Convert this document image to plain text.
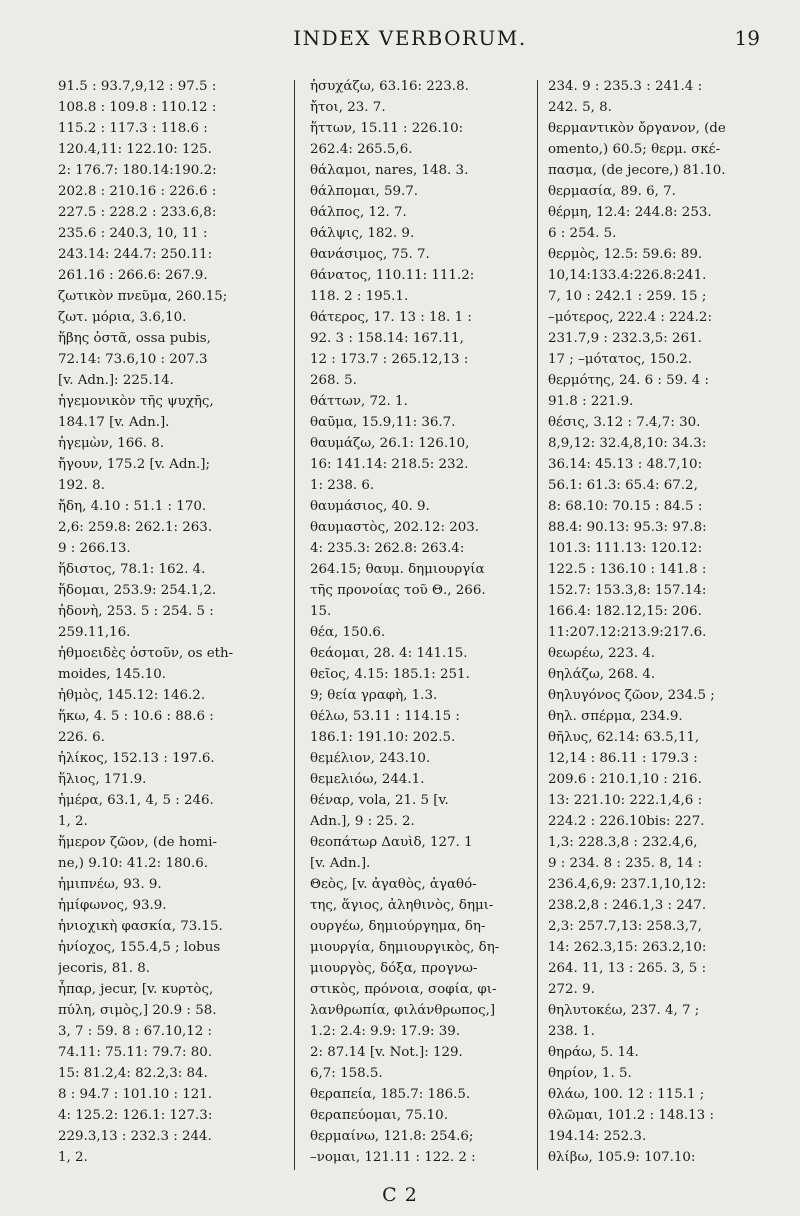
INDEX VERBORUM.	19
91.5 : 93.7,9,12 : 97.5 :
108.8 : 109.8 : 110.12 :
115.2 : 117.3 : 118.6 :
120.4,11: 122.10: 125.
2: 176.7: 180.14:190.2:
202.8 : 210.16 : 226.6 :
227.5 : 228.2 : 233.6,8:
235.6 : 240.3, 10, 11 :
243.14: 244.7: 250.11:
261.16 : 266.6: 267.9.
ζωτικὸν πνεῦμα, 260.15;
ζωτ. μόρια, 3.6,10.
ἥβης ὀστᾶ, ossa pubis,
72.14: 73.6,10 : 207.3
[v. Adn.]: 225.14.
ἡγεμονικὸν τῆς ψυχῆς,
184.17 [v. Adn.].
ἡγεμὼν, 166. 8.
ἤγουν, 175.2 [v. Adn.];
192. 8.
ἤδη, 4.10 : 51.1 : 170.
2,6: 259.8: 262.1: 263.
9 : 266.13.
ἥδιστος, 78.1: 162. 4.
ἥδομαι, 253.9: 254.1,2.
ἡδονὴ, 253. 5 : 254. 5 :
259.11,16.
ἠθμοειδὲς ὀστοῦν, os eth-
moides, 145.10.
ἠθμὸς, 145.12: 146.2.
ἥκω, 4. 5 : 10.6 : 88.6 :
226. 6.
ἡλίκος, 152.13 : 197.6.
ἥλιος, 171.9.
ἡμέρα, 63.1, 4, 5 : 246.
1, 2.
ἥμερον ζῶον, (de homi-
ne,) 9.10: 41.2: 180.6.
ἡμιπνέω, 93. 9.
ἡμίφωνος, 93.9.
ἡνιοχικὴ φασκία, 73.15.
ἡνίοχος, 155.4,5 ; lobus
jecoris, 81. 8.
ἧπαρ, jecur, [v. κυρτὸς,
πύλη, σιμὸς,] 20.9 : 58.
3, 7 : 59. 8 : 67.10,12 :
74.11: 75.11: 79.7: 80.
15: 81.2,4: 82.2,3: 84.
8 : 94.7 : 101.10 : 121.
4: 125.2: 126.1: 127.3:
229.3,13 : 232.3 : 244.
1, 2.
ἡσυχάζω, 63.16: 223.8.
ἤτοι, 23. 7.
ἥττων, 15.11 : 226.10:
262.4: 265.5,6.
θάλαμοι, nares, 148. 3.
θάλπομαι, 59.7.
θάλπος, 12. 7.
θάλψις, 182. 9.
θανάσιμος, 75. 7.
θάνατος, 110.11: 111.2:
118. 2 : 195.1.
θάτερος, 17. 13 : 18. 1 :
92. 3 : 158.14: 167.11,
12 : 173.7 : 265.12,13 :
268. 5.
θάττων, 72. 1.
θαῦμα, 15.9,11: 36.7.
θαυμάζω, 26.1: 126.10,
16: 141.14: 218.5: 232.
1: 238. 6.
θαυμάσιος, 40. 9.
θαυμαστὸς, 202.12: 203.
4: 235.3: 262.8: 263.4:
264.15; θαυμ. δημιουργία
τῆς προνοίας τοῦ Θ., 266.
15.
θέα, 150.6.
θεάομαι, 28. 4: 141.15.
θεῖος, 4.15: 185.1: 251.
9; θεία γραφὴ, 1.3.
θέλω, 53.11 : 114.15 :
186.1: 191.10: 202.5.
θεμέλιον, 243.10.
θεμελιόω, 244.1.
θέναρ, vola, 21. 5 [v.
Adn.], 9 : 25. 2.
θεοπάτωρ Δαυὶδ, 127. 1
[v. Adn.].
Θεὸς, [v. ἀγαθὸς, ἀγαθό-
της, ἅγιος, ἀληθινὸς, δημι-
ουργέω, δημιούργημα, δη-
μιουργία, δημιουργικὸς, δη-
μιουργὸς, δόξα, προγνω-
στικὸς, πρόνοια, σοφία, φι-
λανθρωπία, φιλάνθρωπος,]
1.2: 2.4: 9.9: 17.9: 39.
2: 87.14 [v. Not.]: 129.
6,7: 158.5.
θεραπεία, 185.7: 186.5.
θεραπεύομαι, 75.10.
θερμαίνω, 121.8: 254.6;
–νομαι, 121.11 : 122. 2 :
234. 9 : 235.3 : 241.4 :
242. 5, 8.
θερμαντικὸν ὄργανον, (de
omento,) 60.5; θερμ. σκέ-
πασμα, (de jecore,) 81.10.
θερμασία, 89. 6, 7.
θέρμη, 12.4: 244.8: 253.
6 : 254. 5.
θερμὸς, 12.5: 59.6: 89.
10,14:133.4:226.8:241.
7, 10 : 242.1 : 259. 15 ;
–μότερος, 222.4 : 224.2:
231.7,9 : 232.3,5: 261.
17 ; –μότατος, 150.2.
θερμότης, 24. 6 : 59. 4 :
91.8 : 221.9.
θέσις, 3.12 : 7.4,7: 30.
8,9,12: 32.4,8,10: 34.3:
36.14: 45.13 : 48.7,10:
56.1: 61.3: 65.4: 67.2,
8: 68.10: 70.15 : 84.5 :
88.4: 90.13: 95.3: 97.8:
101.3: 111.13: 120.12:
122.5 : 136.10 : 141.8 :
152.7: 153.3,8: 157.14:
166.4: 182.12,15: 206.
11:207.12:213.9:217.6.
θεωρέω, 223. 4.
θηλάζω, 268. 4.
θηλυγόνος ζῶον, 234.5 ;
θηλ. σπέρμα, 234.9.
θῆλυς, 62.14: 63.5,11,
12,14 : 86.11 : 179.3 :
209.6 : 210.1,10 : 216.
13: 221.10: 222.1,4,6 :
224.2 : 226.10bis: 227.
1,3: 228.3,8 : 232.4,6,
9 : 234. 8 : 235. 8, 14 :
236.4,6,9: 237.1,10,12:
238.2,8 : 246.1,3 : 247.
2,3: 257.7,13: 258.3,7,
14: 262.3,15: 263.2,10:
264. 11, 13 : 265. 3, 5 :
272. 9.
θηλυτοκέω, 237. 4, 7 ;
238. 1.
θηράω, 5. 14.
θηρίον, 1. 5.
θλάω, 100. 12 : 115.1 ;
θλῶμαι, 101.2 : 148.13 :
194.14: 252.3.
θλίβω, 105.9: 107.10:
C 2
